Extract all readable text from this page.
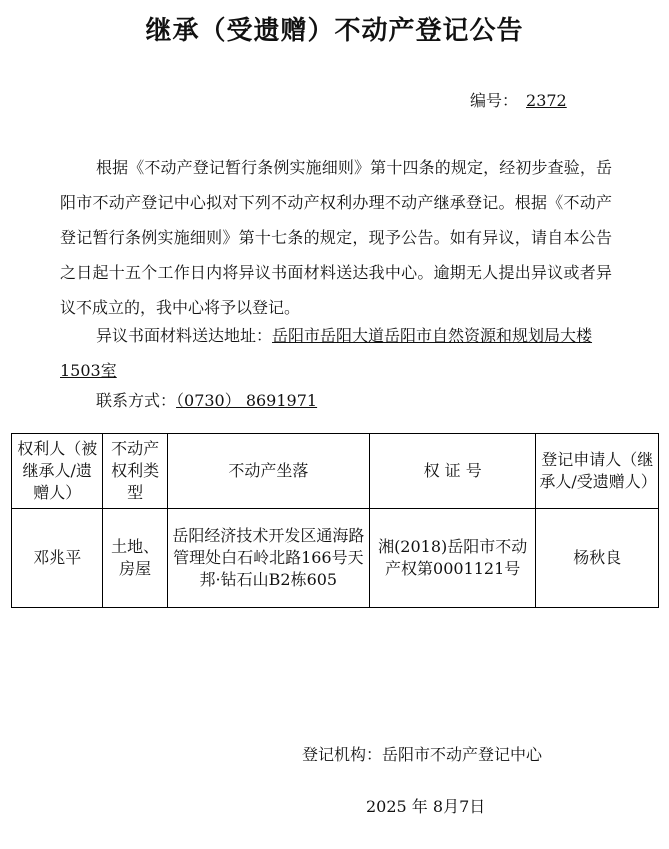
继承（受遗赠）不动产登记公告
编号： 2372
根据《不动产登记暂行条例实施细则》第十四条的规定，经初步查验，岳阳市不动产登记中心拟对下列不动产权利办理不动产继承登记。根据《不动产登记暂行条例实施细则》第十七条的规定，现予公告。如有异议，请自本公告之日起十五个工作日内将异议书面材料送达我中心。逾期无人提出异议或者异议不成立的，我中心将予以登记。
异议书面材料送达地址：岳阳市岳阳大道岳阳市自然资源和规划局大楼1503室
联系方式：（0730） 8691971
权利人（被继承人/遗赠人）	不动产权利类型	不动产坐落	权 证 号	登记申请人（继承人/受遗赠人）
邓兆平	土地、房屋	岳阳经济技术开发区通海路管理处白石岭北路166号天邦·钻石山B2栋605	湘(2018)岳阳市不动产权第0001121号	杨秋良
登记机构：岳阳市不动产登记中心
2025 年 8月7日
